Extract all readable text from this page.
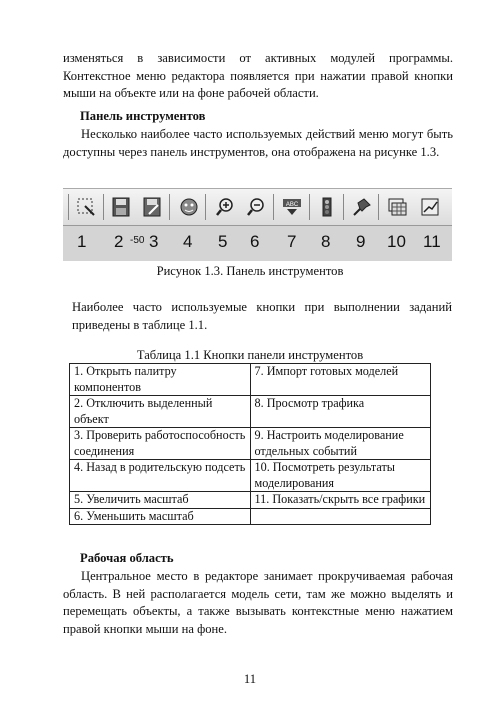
изменяться в зависимости от активных модулей программы. Контекстное меню редактора появляется при нажатии правой кнопки мыши на объекте или на фоне рабочей области.

Панель инструментов

Несколько наиболее часто используемых действий меню могут быть доступны через панель инструментов, она отображена на рисунке 1.3.

ABC
1 2 -50 3 4 5 6 7 8 9 10 11
Рисунок 1.3. Панель инструментов

Наиболее часто используемые кнопки при выполнении заданий приведены в таблице 1.1.

Таблица 1.1 Кнопки панели инструментов
1. Открыть палитру компонентов	7. Импорт готовых моделей
2. Отключить выделенный объект	8. Просмотр трафика
3. Проверить работоспособность соединения	9. Настроить моделирование отдельных событий
4. Назад в родительскую подсеть	10. Посмотреть результаты моделирования
5. Увеличить масштаб	11. Показать/скрыть все графики
6. Уменьшить масштаб	

Рабочая область

Центральное место в редакторе занимает прокручиваемая рабочая область. В ней располагается модель сети, там же можно выделять и перемещать объекты, а также вызывать контекстные меню нажатием правой кнопки мыши на фоне.

11
